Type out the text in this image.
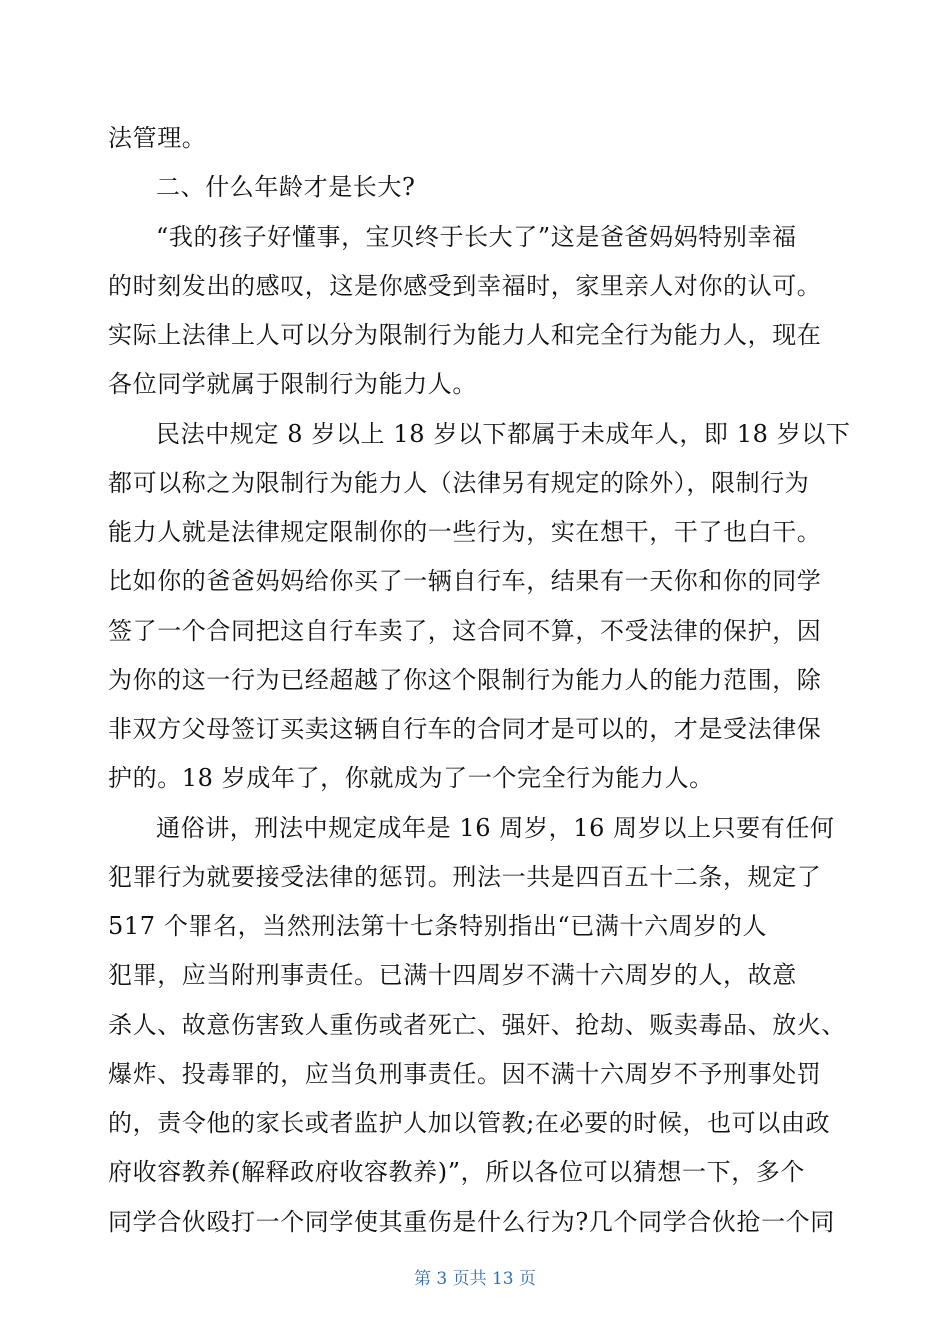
法管理。
二、什么年龄才是长大?
“我的孩子好懂事，宝贝终于长大了”这是爸爸妈妈特别幸福
的时刻发出的感叹，这是你感受到幸福时，家里亲人对你的认可。
实际上法律上人可以分为限制行为能力人和完全行为能力人，现在
各位同学就属于限制行为能力人。
民法中规定 8 岁以上 18 岁以下都属于未成年人，即 18 岁以下
都可以称之为限制行为能力人（法律另有规定的除外），限制行为
能力人就是法律规定限制你的一些行为，实在想干，干了也白干。
比如你的爸爸妈妈给你买了一辆自行车，结果有一天你和你的同学
签了一个合同把这自行车卖了，这合同不算，不受法律的保护，因
为你的这一行为已经超越了你这个限制行为能力人的能力范围，除
非双方父母签订买卖这辆自行车的合同才是可以的，才是受法律保
护的。18 岁成年了，你就成为了一个完全行为能力人。
通俗讲，刑法中规定成年是 16 周岁，16 周岁以上只要有任何
犯罪行为就要接受法律的惩罚。刑法一共是四百五十二条，规定了
517 个罪名，当然刑法第十七条特别指出“已满十六周岁的人
犯罪，应当附刑事责任。已满十四周岁不满十六周岁的人，故意
杀人、故意伤害致人重伤或者死亡、强奸、抢劫、贩卖毒品、放火、
爆炸、投毒罪的，应当负刑事责任。因不满十六周岁不予刑事处罚
的，责令他的家长或者监护人加以管教;在必要的时候，也可以由政
府收容教养(解释政府收容教养)”，所以各位可以猜想一下，多个
同学合伙殴打一个同学使其重伤是什么行为?几个同学合伙抢一个同
第 3 页共 13 页
